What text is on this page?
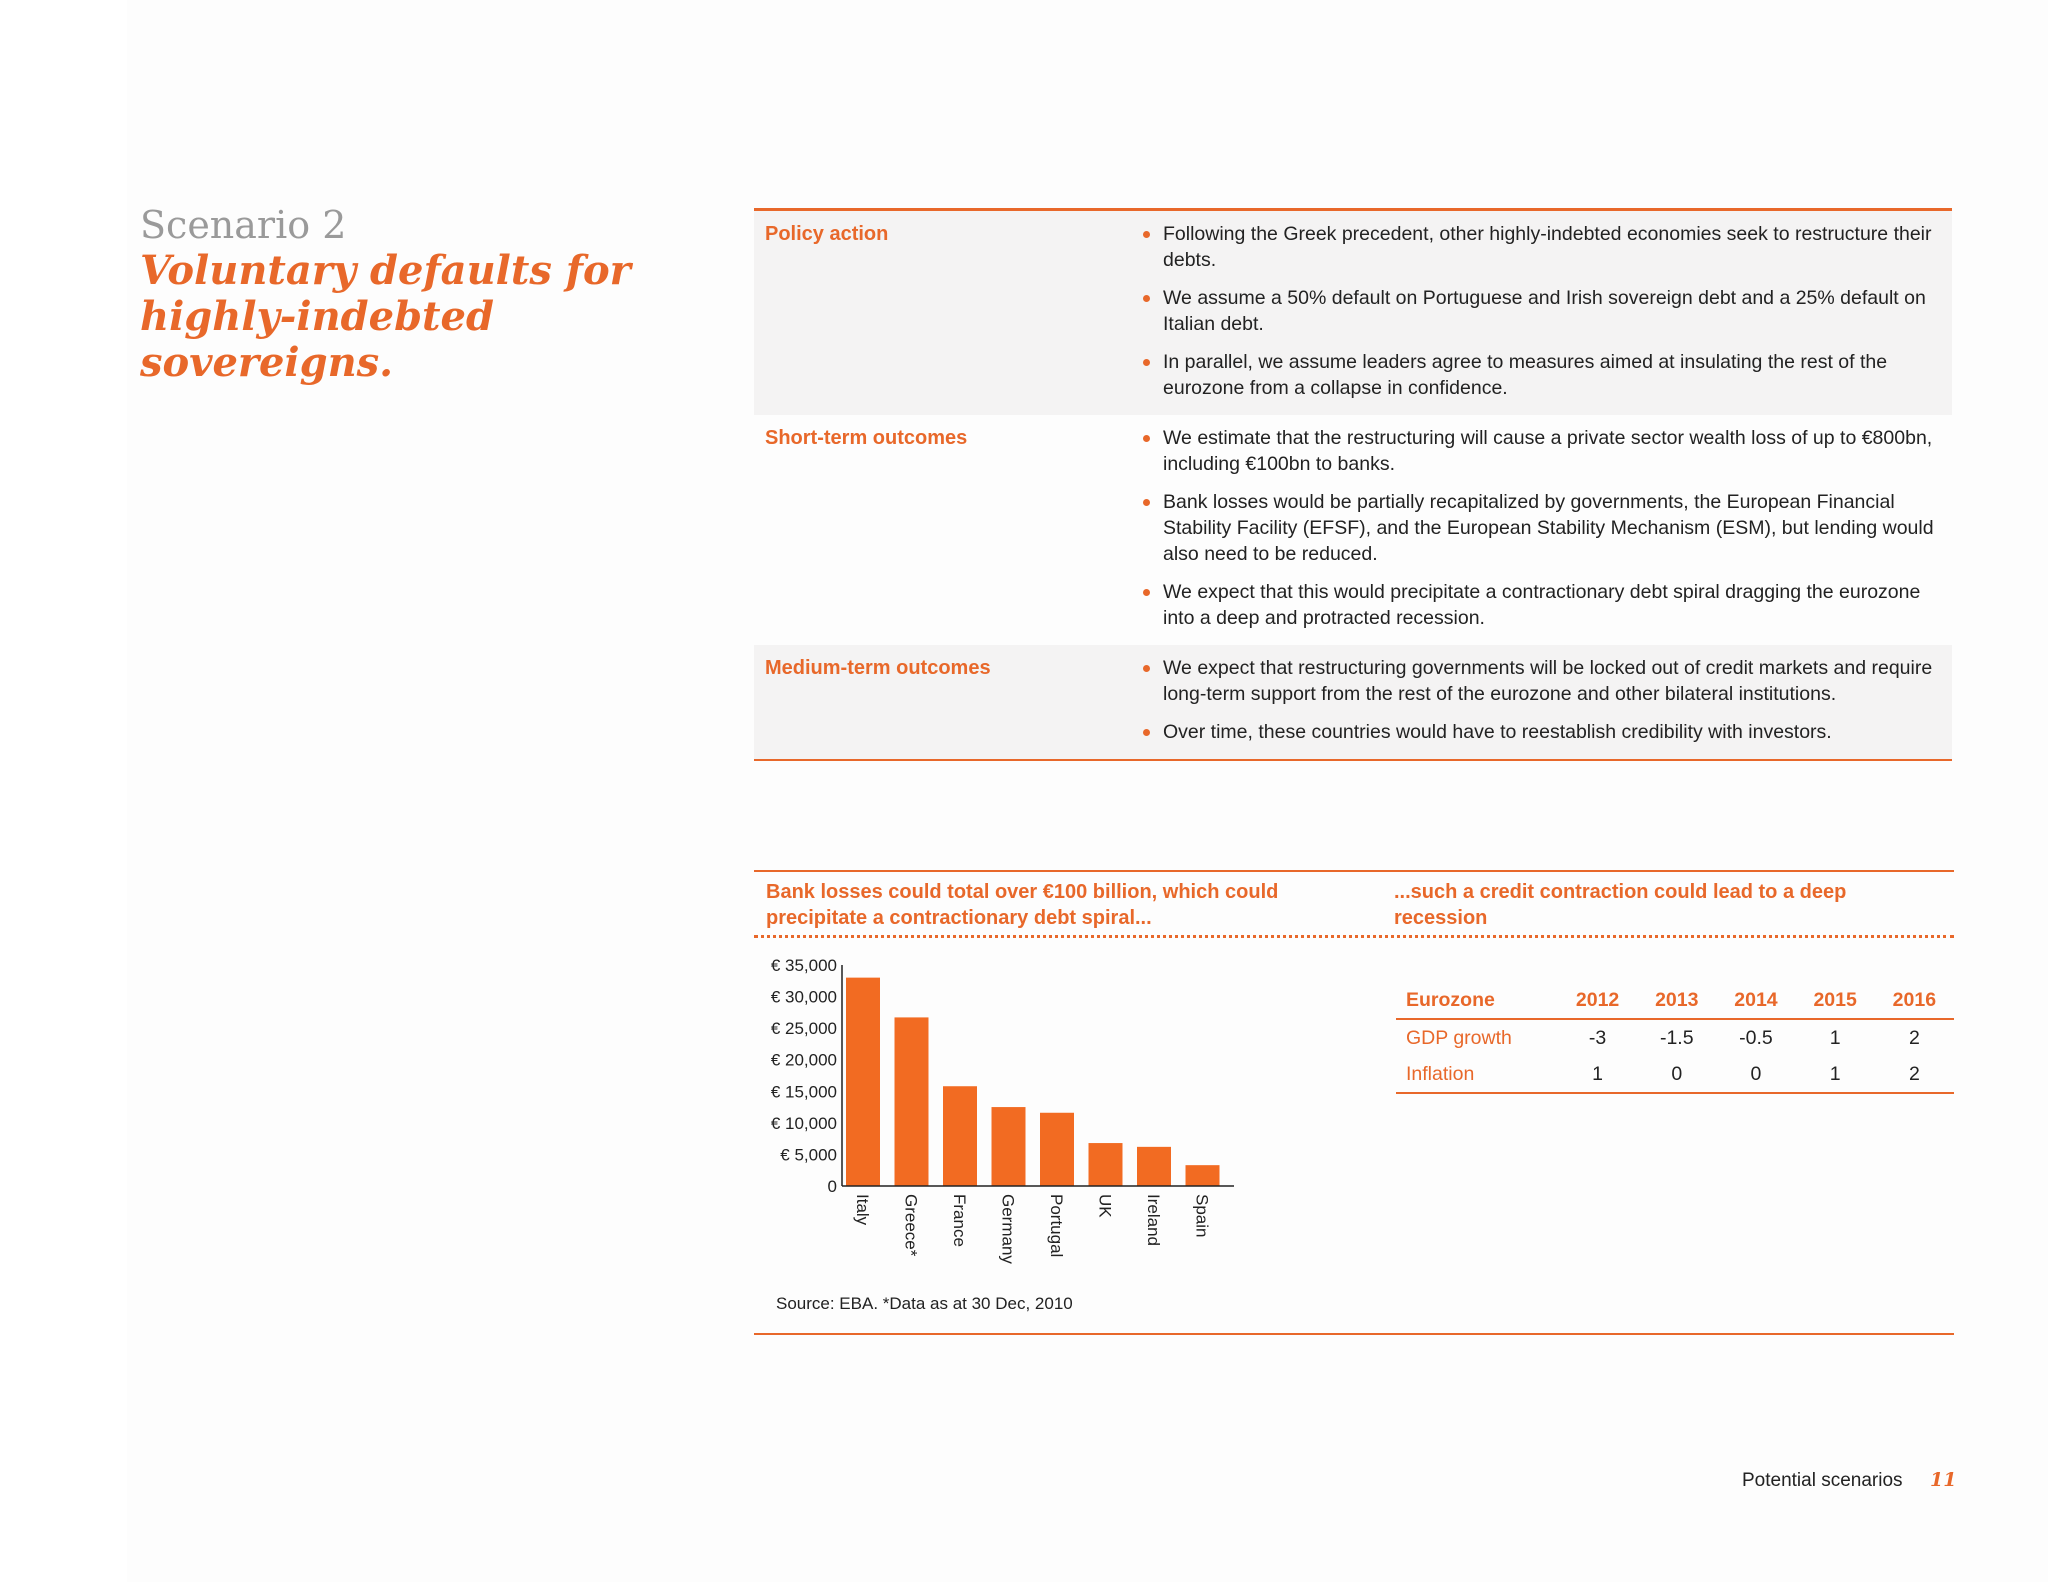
Scenario 2
Voluntary defaults for
highly-indebted sovereigns.
Policy action	Following the Greek precedent, other highly-indebted economies seek to restructure their debts.
We assume a 50% default on Portuguese and Irish sovereign debt and a 25% default on Italian debt.
In parallel, we assume leaders agree to measures aimed at insulating the rest of the eurozone from a collapse in confidence.
Short-term outcomes	We estimate that the restructuring will cause a private sector wealth loss of up to €800bn, including €100bn to banks.
Bank losses would be partially recapitalized by governments, the European Financial Stability Facility (EFSF), and the European Stability Mechanism (ESM), but lending would also need to be reduced.
We expect that this would precipitate a contractionary debt spiral dragging the eurozone into a deep and protracted recession.
Medium-term outcomes	We expect that restructuring governments will be locked out of credit markets and require long-term support from the rest of the eurozone and other bilateral institutions.
Over time, these countries would have to reestablish credibility with investors.
Bank losses could total over €100 billion, which could precipitate a contractionary debt spiral...
...such a credit contraction could lead to a deep recession
0
€ 5,000
€ 10,000
€ 15,000
€ 20,000
€ 25,000
€ 30,000
€ 35,000
Italy Greece* France Germany Portugal UK Ireland Spain
Source: EBA. *Data as at 30 Dec, 2010
Eurozone	2012	2013	2014	2015	2016
GDP growth	-3	-1.5	-0.5	1	2
Inflation	1	0	0	1	2
Potential scenarios 11
